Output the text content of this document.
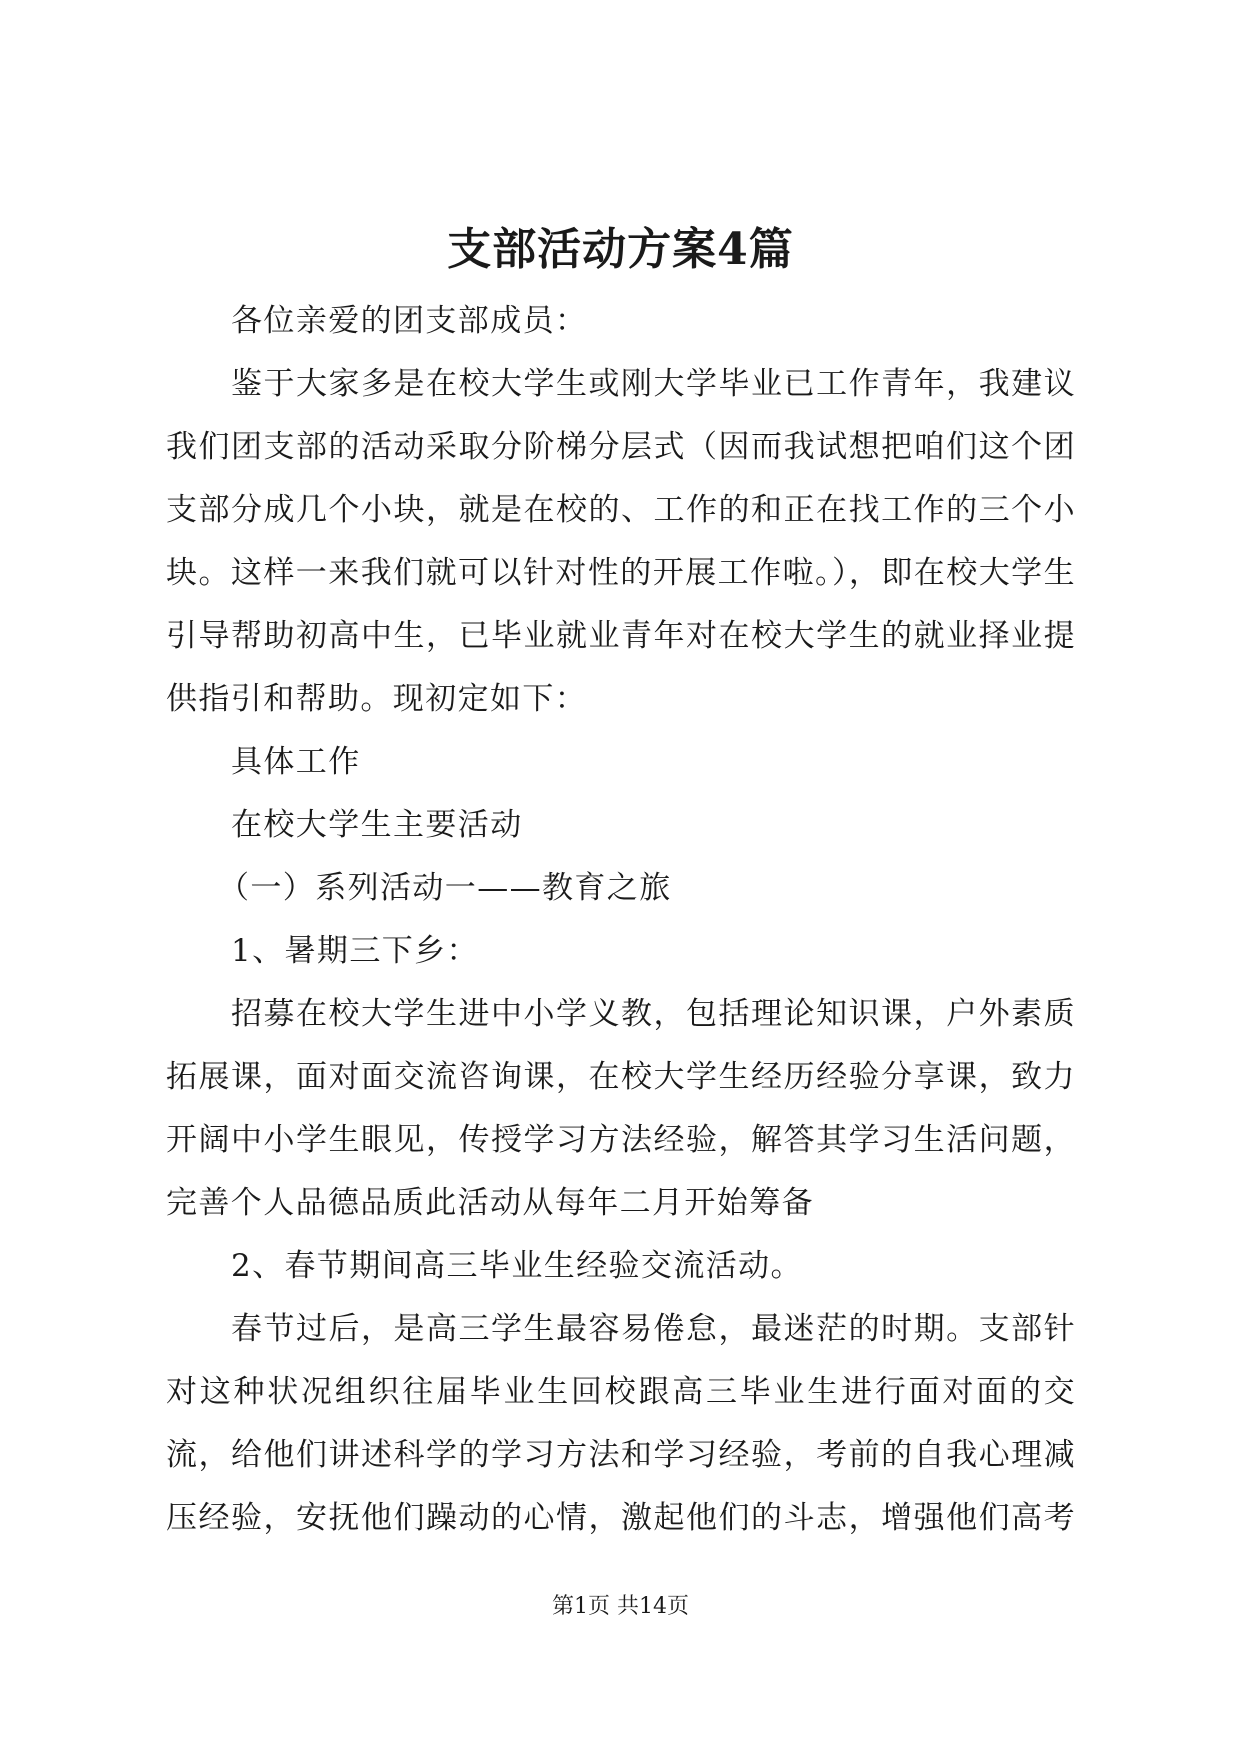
支部活动方案4篇
各位亲爱的团支部成员：
鉴于大家多是在校大学生或刚大学毕业已工作青年，我建议
我们团支部的活动采取分阶梯分层式（因而我试想把咱们这个团
支部分成几个小块，就是在校的、工作的和正在找工作的三个小
块。这样一来我们就可以针对性的开展工作啦。），即在校大学生
引导帮助初高中生，已毕业就业青年对在校大学生的就业择业提
供指引和帮助。现初定如下：
具体工作
在校大学生主要活动
（一）系列活动一——教育之旅
1、暑期三下乡：
招募在校大学生进中小学义教，包括理论知识课，户外素质
拓展课，面对面交流咨询课，在校大学生经历经验分享课，致力
开阔中小学生眼见，传授学习方法经验，解答其学习生活问题，
完善个人品德品质此活动从每年二月开始筹备
2、春节期间高三毕业生经验交流活动。
春节过后，是高三学生最容易倦怠，最迷茫的时期。支部针
对这种状况组织往届毕业生回校跟高三毕业生进行面对面的交
流，给他们讲述科学的学习方法和学习经验，考前的自我心理减
压经验，安抚他们躁动的心情，激起他们的斗志，增强他们高考
第1页 共14页
